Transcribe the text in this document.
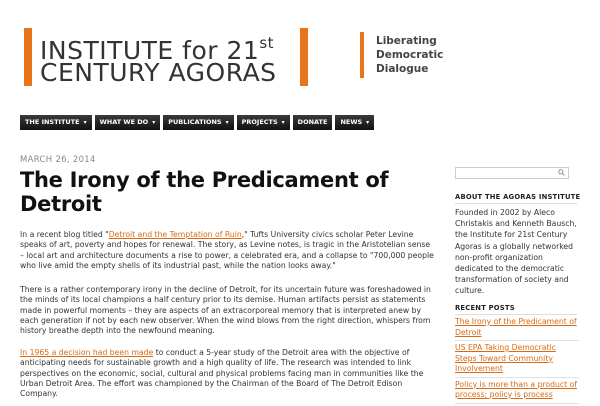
INSTITUTE for 21st
CENTURY AGORAS
Liberating
Democratic
Dialogue
THE INSTITUTE ▾ WHAT WE DO ▾ PUBLICATIONS ▾ PROJECTS ▾ DONATE NEWS ▾
MARCH 26, 2014
The Irony of the Predicament of Detroit

In a recent blog titled "Detroit and the Temptation of Ruin," Tufts University civics scholar Peter Levine speaks of art, poverty and hopes for renewal. The story, as Levine notes, is tragic in the Aristotelian sense – local art and architecture documents a rise to power, a celebrated era, and a collapse to "700,000 people who live amid the empty shells of its industrial past, while the nation looks away."

There is a rather contemporary irony in the decline of Detroit, for its uncertain future was foreshadowed in the minds of its local champions a half century prior to its demise. Human artifacts persist as statements made in powerful moments – they are aspects of an extracorporeal memory that is interpreted anew by each generation if not by each new observer. When the wind blows from the right direction, whispers from history breathe depth into the newfound meaning.

In 1965 a decision had been made to conduct a 5-year study of the Detroit area with the objective of anticipating needs for sustainable growth and a high quality of life. The research was intended to link perspectives on the economic, social, cultural and physical problems facing man in communities like the Urban Detroit Area. The effort was championed by the Chairman of the Board of The Detroit Edison Company.

ABOUT THE AGORAS INSTITUTE

Founded in 2002 by Aleco Christakis and Kenneth Bausch, the Institute for 21st Century Agoras is a globally networked non-profit organization dedicated to the democratic transformation of society and culture.

RECENT POSTS
The Irony of the Predicament of Detroit
US EPA Taking Democratic Steps Toward Community Involvement
Policy is more than a product of process; policy is process
